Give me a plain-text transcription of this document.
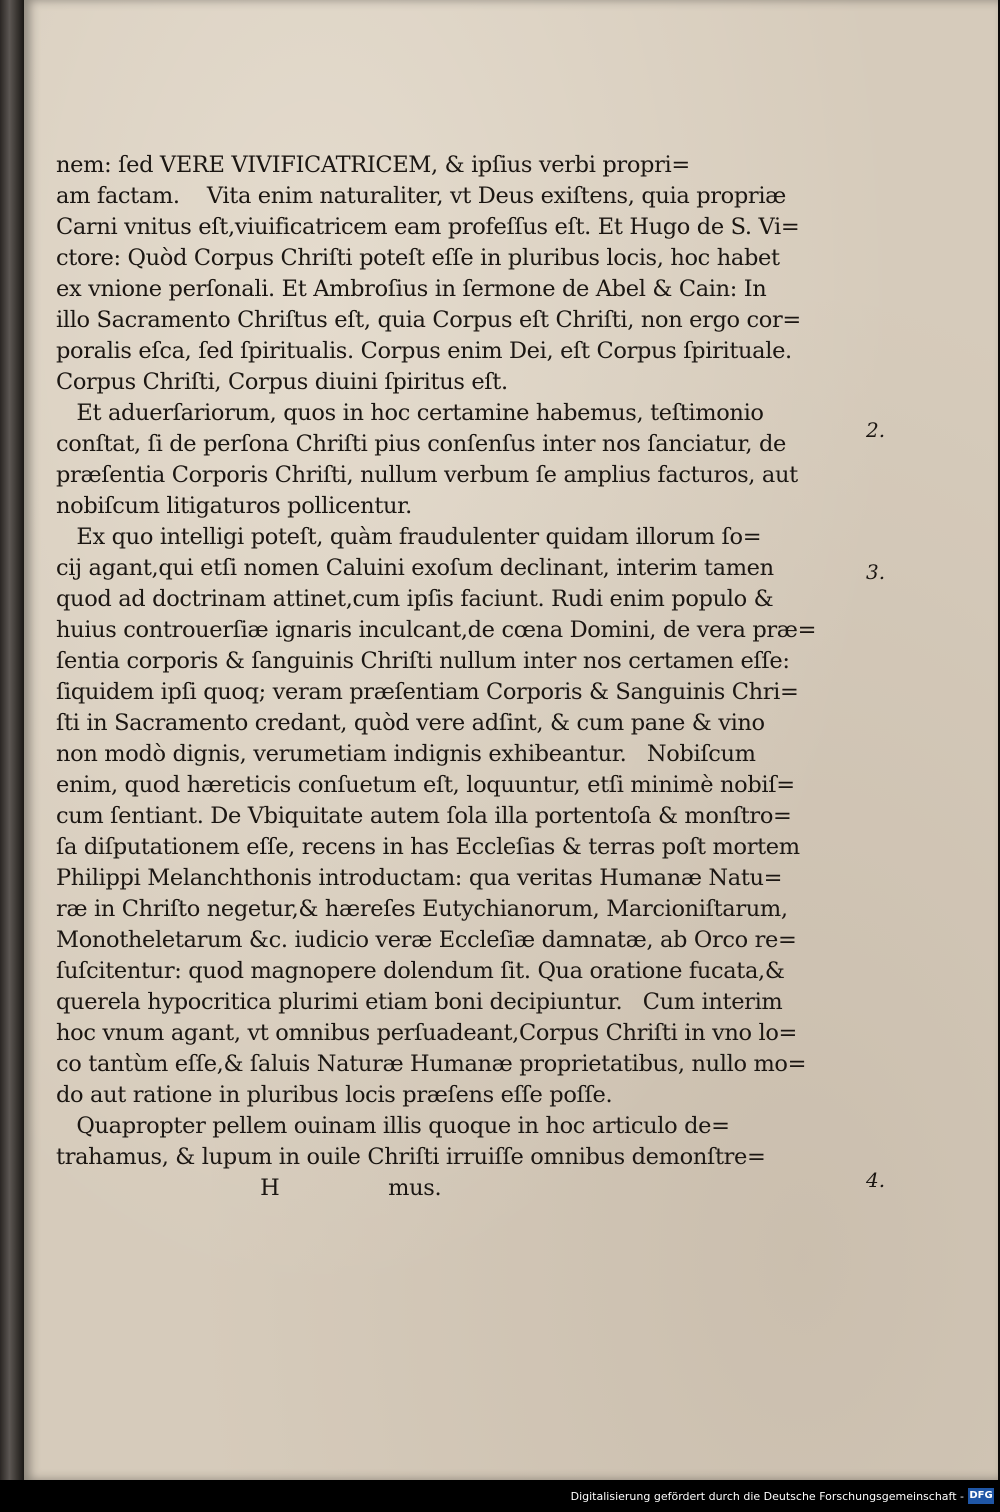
nem: ſed VERE VIVIFICATRICEM, & ipſius verbi propri=
am factam.    Vita enim naturaliter, vt Deus exiſtens, quia propriæ
Carni vnitus eſt,viuificatricem eam profeſſus eſt. Et Hugo de S. Vi=
ctore: Quòd Corpus Chriſti poteſt eſſe in pluribus locis, hoc habet
ex vnione perſonali. Et Ambroſius in ſermone de Abel & Cain: In
illo Sacramento Chriſtus eſt, quia Corpus eſt Chriſti, non ergo cor=
poralis eſca, ſed ſpiritualis. Corpus enim Dei, eſt Corpus ſpirituale.
Corpus Chriſti, Corpus diuini ſpiritus eſt.
Et aduerſariorum, quos in hoc certamine habemus, teſtimonio
conſtat, ſi de perſona Chriſti pius conſenſus inter nos ſanciatur, de
præſentia Corporis Chriſti, nullum verbum ſe amplius facturos, aut
nobiſcum litigaturos pollicentur.
Ex quo intelligi poteſt, quàm fraudulenter quidam illorum ſo=
cij agant,qui etſi nomen Caluini exoſum declinant, interim tamen
quod ad doctrinam attinet,cum ipſis faciunt. Rudi enim populo &
huius controuerſiæ ignaris inculcant,de cœna Domini, de vera præ=
ſentia corporis & ſanguinis Chriſti nullum inter nos certamen eſſe:
ſiquidem ipſi quoq; veram præſentiam Corporis & Sanguinis Chri=
ſti in Sacramento credant, quòd vere adſint, & cum pane & vino
non modò dignis, verumetiam indignis exhibeantur.   Nobiſcum
enim, quod hæreticis conſuetum eſt, loquuntur, etſi minimè nobiſ=
cum ſentiant. De Vbiquitate autem ſola illa portentoſa & monſtro=
ſa diſputationem eſſe, recens in has Eccleſias & terras poſt mortem
Philippi Melanchthonis introductam: qua veritas Humanæ Natu=
ræ in Chriſto negetur,& hæreſes Eutychianorum, Marcioniſtarum,
Monotheletarum &c. iudicio veræ Eccleſiæ damnatæ, ab Orco re=
ſuſcitentur: quod magnopere dolendum ſit. Qua oratione fucata,&
querela hypocritica plurimi etiam boni decipiuntur.   Cum interim
hoc vnum agant, vt omnibus perſuadeant,Corpus Chriſti in vno lo=
co tantùm eſſe,& ſaluis Naturæ Humanæ proprietatibus, nullo mo=
do aut ratione in pluribus locis præſens eſſe poſſe.
Quapropter pellem ouinam illis quoque in hoc articulo de=
trahamus, & lupum in ouile Chriſti irruiſſe omnibus demonſtre=
H                mus.
2.
3.
4.
Digitalisierung gefördert durch die Deutsche Forschungsgemeinschaft - DFG
